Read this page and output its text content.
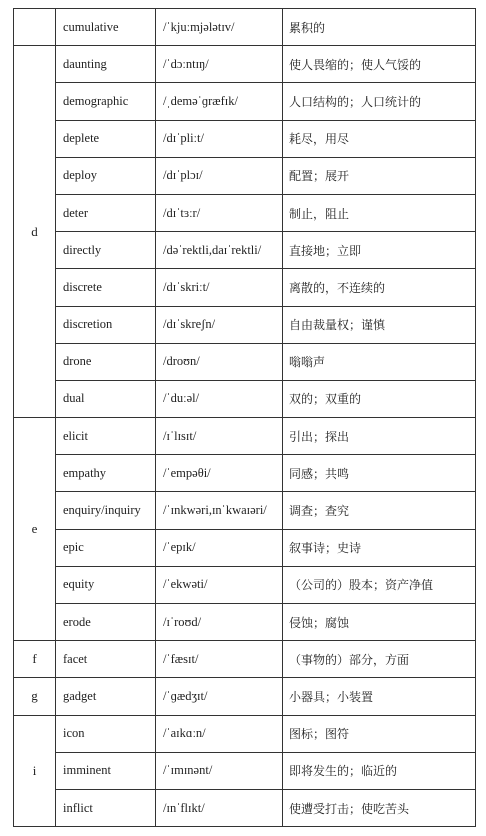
	cumulative	/ˈkjuːmjələtɪv/	累积的
d	daunting	/ˈdɔːntɪŋ/	使人畏缩的；使人气馁的
	demographic	/ˌdeməˈɡræfɪk/	人口结构的；人口统计的
	deplete	/dɪˈpliːt/	耗尽，用尽
	deploy	/dɪˈplɔɪ/	配置；展开
	deter	/dɪˈtɜːr/	制止，阻止
	directly	/dəˈrektli,daɪˈrektli/	直接地；立即
	discrete	/dɪˈskriːt/	离散的，不连续的
	discretion	/dɪˈskreʃn/	自由裁量权；谨慎
	drone	/droʊn/	嗡嗡声
	dual	/ˈduːəl/	双的；双重的
e	elicit	/ɪˈlɪsɪt/	引出；探出
	empathy	/ˈempəθi/	同感；共鸣
	enquiry/inquiry	/ˈɪnkwəri,ɪnˈkwaɪəri/	调查；查究
	epic	/ˈepɪk/	叙事诗；史诗
	equity	/ˈekwəti/	（公司的）股本；资产净值
	erode	/ɪˈroʊd/	侵蚀；腐蚀
f	facet	/ˈfæsɪt/	（事物的）部分，方面
g	gadget	/ˈɡædʒɪt/	小器具；小装置
i	icon	/ˈaɪkɑːn/	图标；图符
	imminent	/ˈɪmɪnənt/	即将发生的；临近的
	inflict	/ɪnˈflɪkt/	使遭受打击；使吃苦头
